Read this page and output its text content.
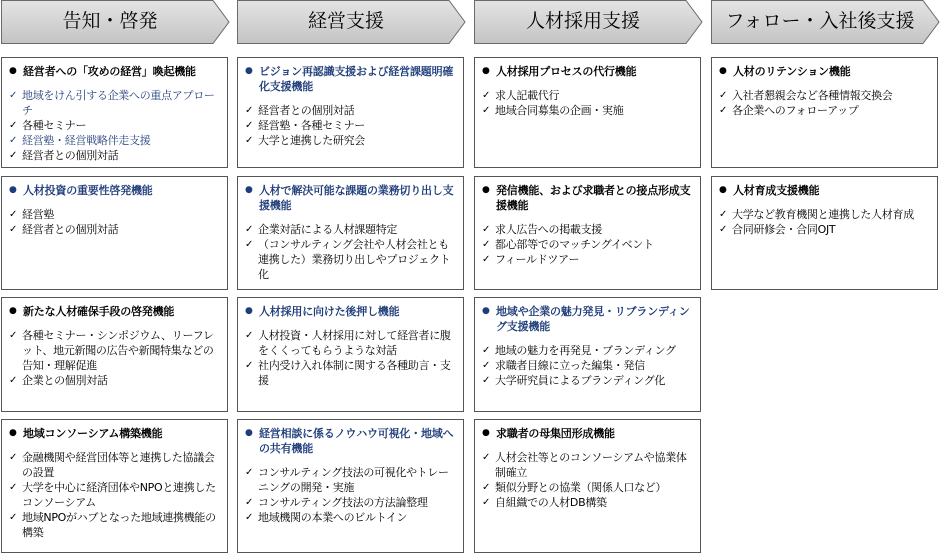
告知・啓発
● 経営者への「攻めの経営」喚起機能
✓ 地域をけん引する企業への重点アプローチ
✓ 各種セミナー
✓ 経営塾・経営戦略伴走支援
✓ 経営者との個別対話
● 人材投資の重要性啓発機能
✓ 経営塾
✓ 経営者との個別対話
● 新たな人材確保手段の啓発機能
✓ 各種セミナー・シンポジウム、リーフレット、地元新聞の広告や新聞特集などの告知・理解促進
✓ 企業との個別対話
● 地域コンソーシアム構築機能
✓ 金融機関や経営団体等と連携した協議会の設置
✓ 大学を中心に経済団体やNPOと連携したコンソーシアム
✓ 地域NPOがハブとなった地域連携機能の構築
経営支援
● ビジョン再認識支援および経営課題明確化支援機能
✓ 経営者との個別対話
✓ 経営塾・各種セミナー
✓ 大学と連携した研究会
● 人材で解決可能な課題の業務切り出し支援機能
✓ 企業対話による人材課題特定
✓ （コンサルティング会社や人材会社とも連携した）業務切り出しやプロジェクト化
● 人材採用に向けた後押し機能
✓ 人材投資・人材採用に対して経営者に腹をくくってもらうような対話
✓ 社内受け入れ体制に関する各種助言・支援
● 経営相談に係るノウハウ可視化・地域への共有機能
✓ コンサルティング技法の可視化やトレーニングの開発・実施
✓ コンサルティング技法の方法論整理
✓ 地域機関の本業へのビルトイン
人材採用支援
● 人材採用プロセスの代行機能
✓ 求人記載代行
✓ 地域合同募集の企画・実施
● 発信機能、および求職者との接点形成支援機能
✓ 求人広告への掲載支援
✓ 都心部等でのマッチングイベント
✓ フィールドツアー
● 地域や企業の魅力発見・リブランディング支援機能
✓ 地域の魅力を再発見・ブランディング
✓ 求職者目線に立った編集・発信
✓ 大学研究員によるブランディング化
● 求職者の母集団形成機能
✓ 人材会社等とのコンソーシアムや協業体制確立
✓ 類似分野との協業（関係人口など）
✓ 自組織での人材DB構築
フォロー・入社後支援
● 人材のリテンション機能
✓ 入社者懇親会など各種情報交換会
✓ 各企業へのフォローアップ
● 人材育成支援機能
✓ 大学など教育機関と連携した人材育成
✓ 合同研修会・合同OJT
